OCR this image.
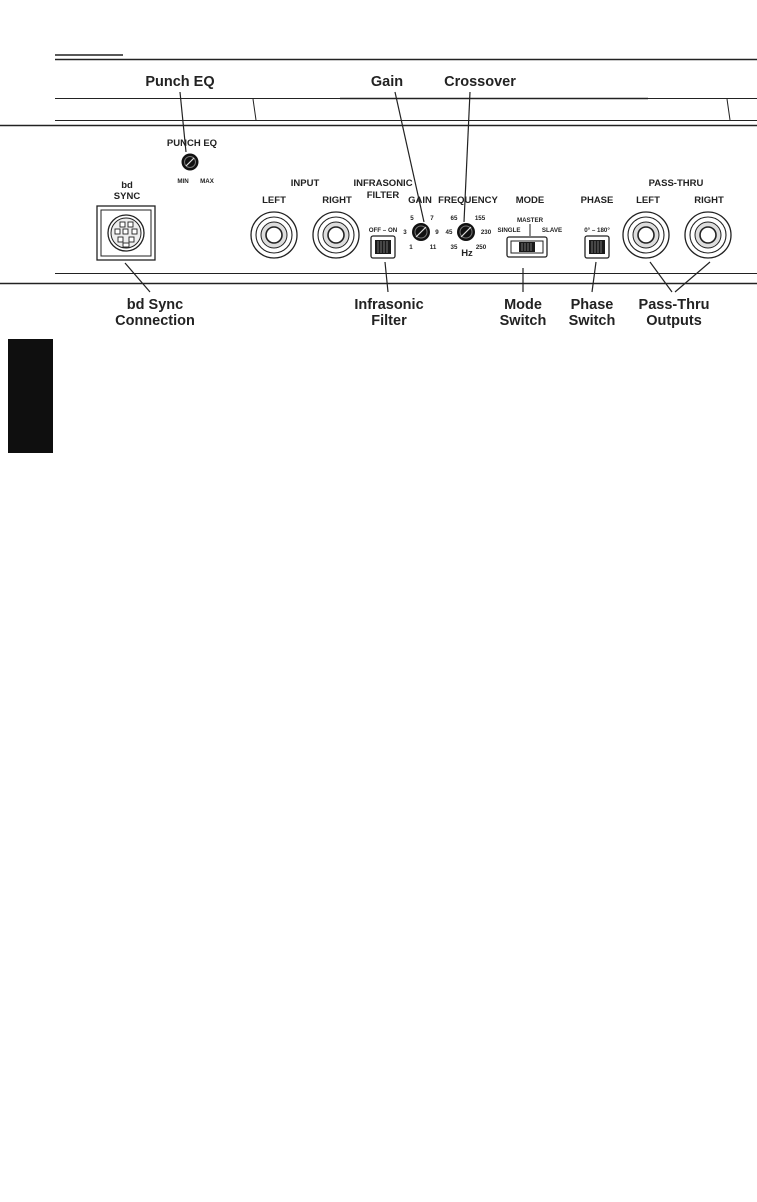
Punch EQ	Gain	Crossover
bd Sync
Connection
Infrasonic
Filter
Mode
Switch
Phase
Switch
Pass-Thru
Outputs
PUNCH EQ
MIN MAX
bd
SYNC
INPUT
LEFT	RIGHT
INFRASONIC
FILTER
OFF – ON
GAIN
5	7
3	9
1	11
FREQUENCY
65	155
45	230
35	250
Hz
MODE
MASTER
SINGLE	SLAVE
PHASE
0° – 180°
PASS-THRU
LEFT	RIGHT
